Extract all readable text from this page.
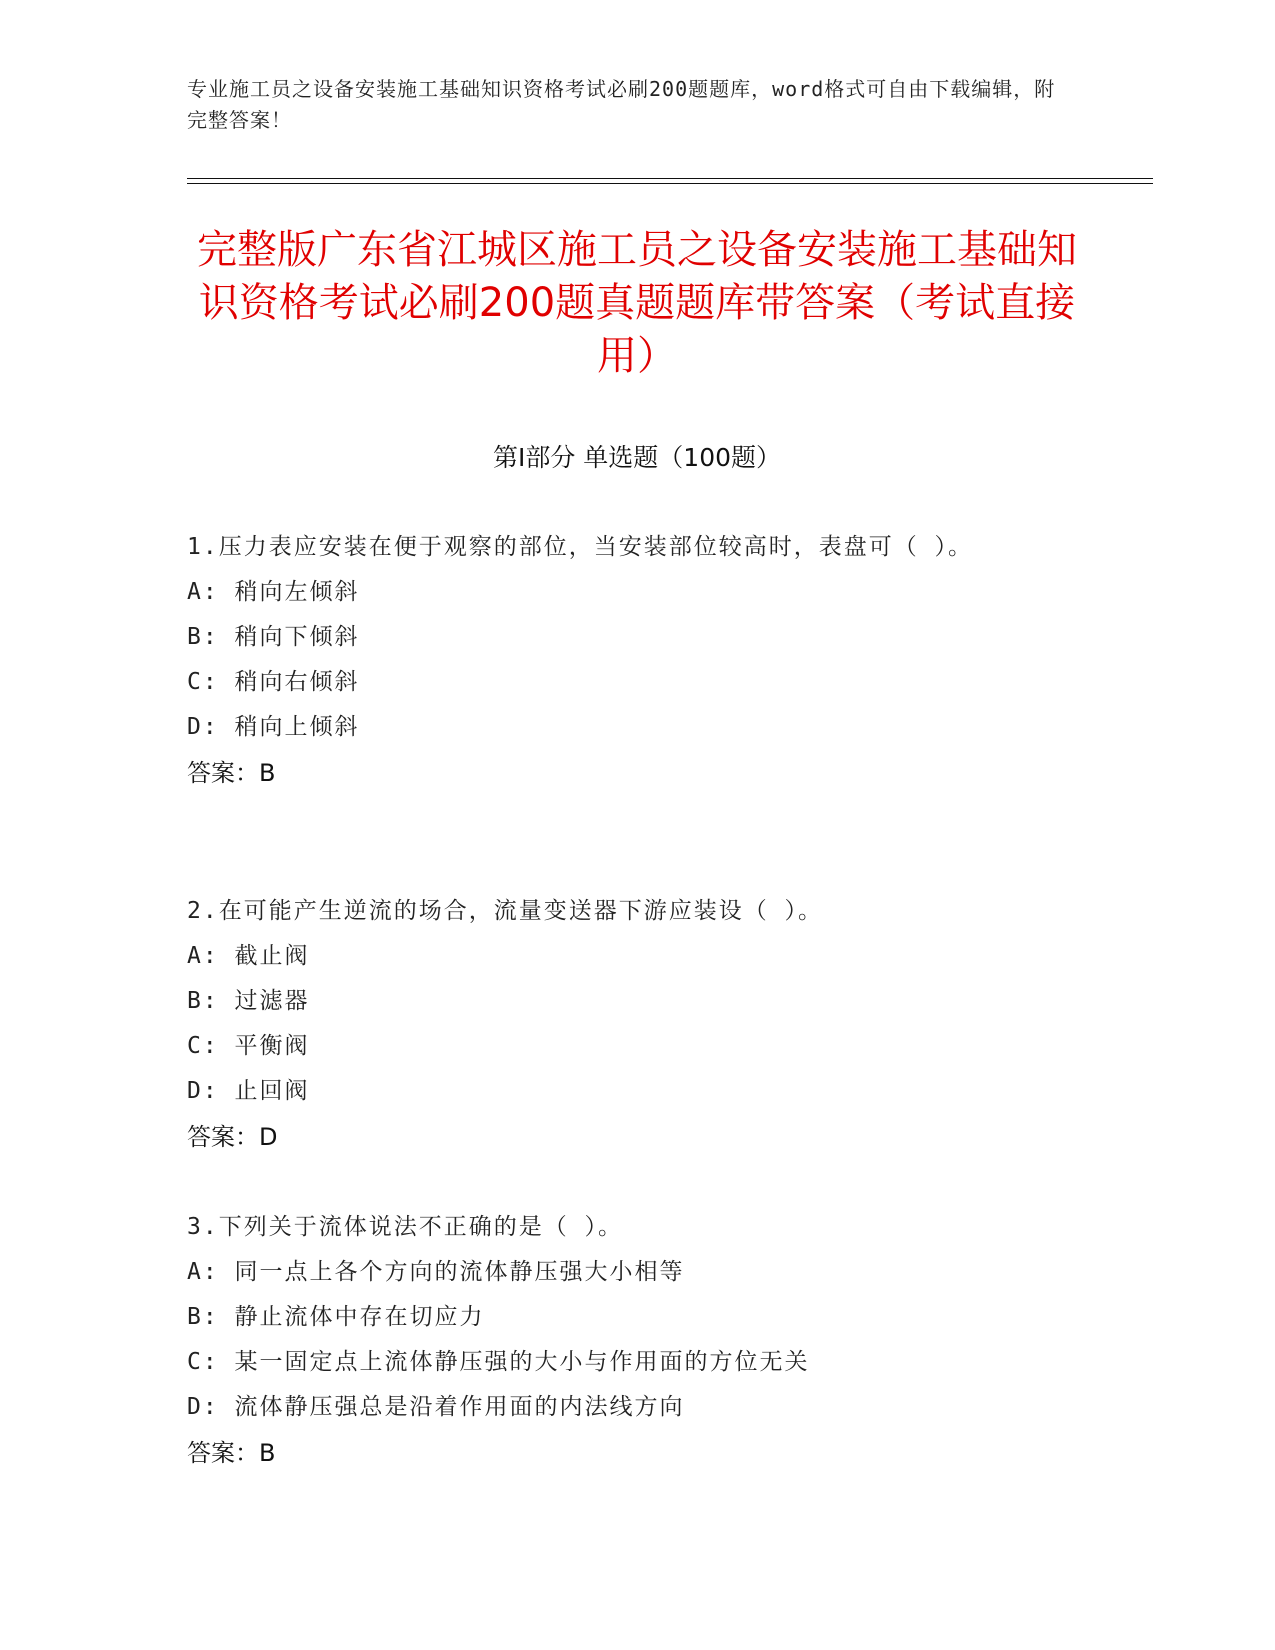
专业施工员之设备安装施工基础知识资格考试必刷200题题库，word格式可自由下载编辑，附完整答案！
完整版广东省江城区施工员之设备安装施工基础知识资格考试必刷200题真题题库带答案（考试直接用）
第Ⅰ部分 单选题（100题）
1.压力表应安装在便于观察的部位，当安装部位较高时，表盘可（ ）。
A: 稍向左倾斜
B: 稍向下倾斜
C: 稍向右倾斜
D: 稍向上倾斜
答案：B
2.在可能产生逆流的场合，流量变送器下游应装设（ ）。
A: 截止阀
B: 过滤器
C: 平衡阀
D: 止回阀
答案：D
3.下列关于流体说法不正确的是（ ）。
A: 同一点上各个方向的流体静压强大小相等
B: 静止流体中存在切应力
C: 某一固定点上流体静压强的大小与作用面的方位无关
D: 流体静压强总是沿着作用面的内法线方向
答案：B
